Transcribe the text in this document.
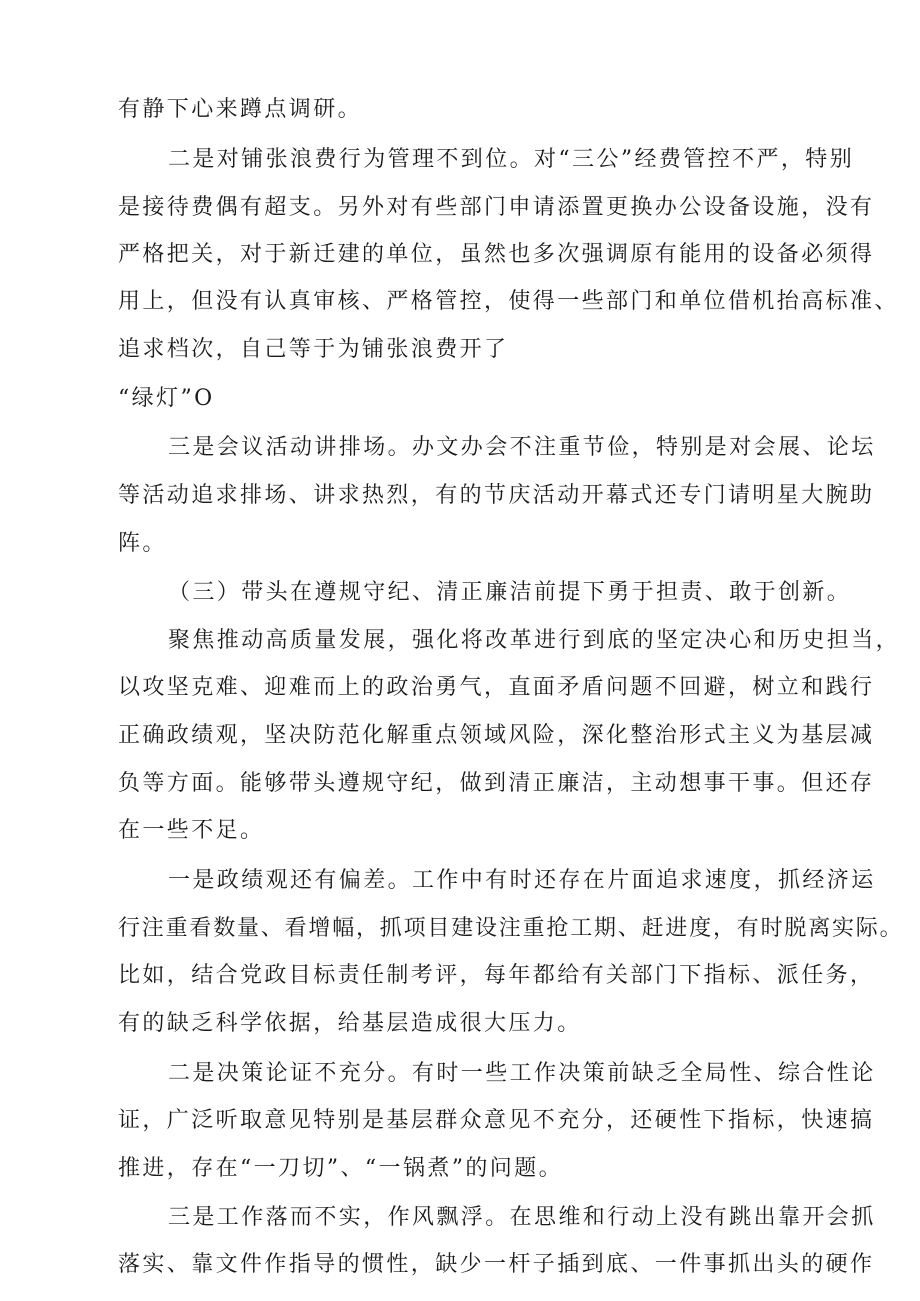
有静下心来蹲点调研。
二是对铺张浪费行为管理不到位。对“三公”经费管控不严，特别
是接待费偶有超支。另外对有些部门申请添置更换办公设备设施，没有
严格把关，对于新迁建的单位，虽然也多次强调原有能用的设备必须得
用上，但没有认真审核、严格管控，使得一些部门和单位借机抬高标准、
追求档次，自己等于为铺张浪费开了
“绿灯”O
三是会议活动讲排场。办文办会不注重节俭，特别是对会展、论坛
等活动追求排场、讲求热烈，有的节庆活动开幕式还专门请明星大腕助
阵。
（三）带头在遵规守纪、清正廉洁前提下勇于担责、敢于创新。
聚焦推动高质量发展，强化将改革进行到底的坚定决心和历史担当，
以攻坚克难、迎难而上的政治勇气，直面矛盾问题不回避，树立和践行
正确政绩观，坚决防范化解重点领域风险，深化整治形式主义为基层减
负等方面。能够带头遵规守纪，做到清正廉洁，主动想事干事。但还存
在一些不足。
一是政绩观还有偏差。工作中有时还存在片面追求速度，抓经济运
行注重看数量、看增幅，抓项目建设注重抢工期、赶进度，有时脱离实际。
比如，结合党政目标责任制考评，每年都给有关部门下指标、派任务，
有的缺乏科学依据，给基层造成很大压力。
二是决策论证不充分。有时一些工作决策前缺乏全局性、综合性论
证，广泛听取意见特别是基层群众意见不充分，还硬性下指标，快速搞
推进，存在“一刀切”、“一锅煮”的问题。
三是工作落而不实，作风飘浮。在思维和行动上没有跳出靠开会抓
落实、靠文件作指导的惯性，缺少一杆子插到底、一件事抓出头的硬作
